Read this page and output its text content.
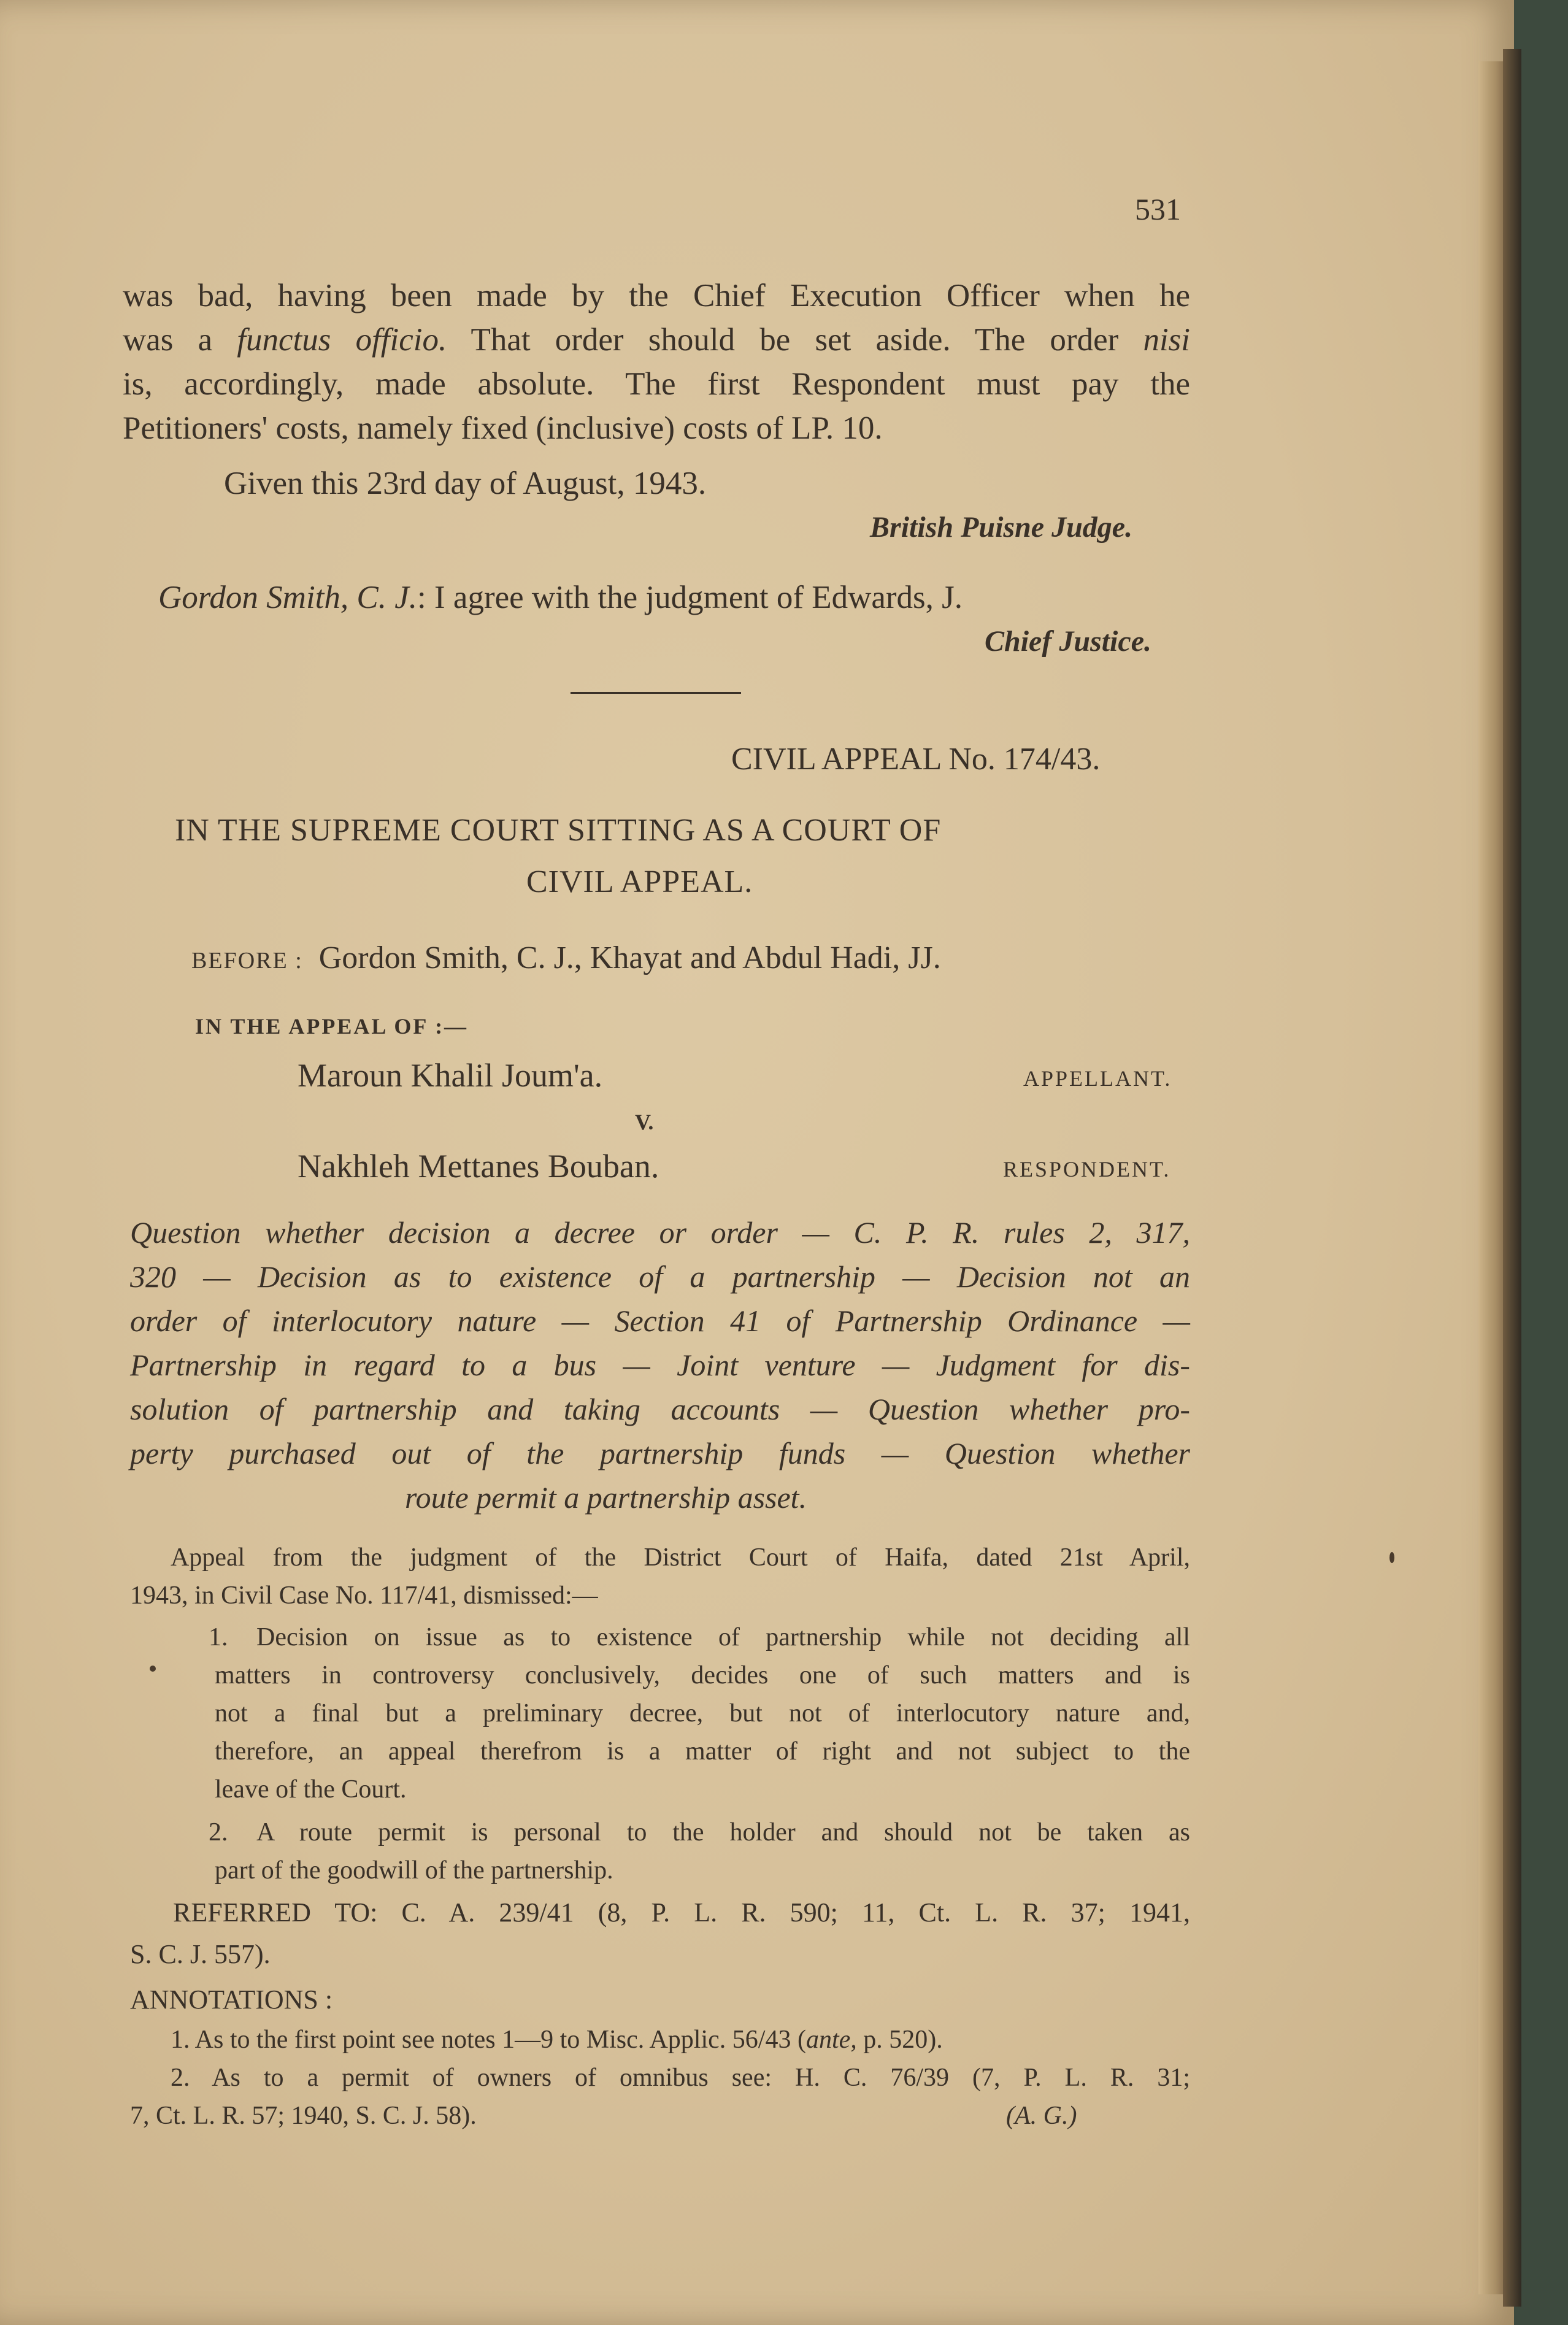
531

was bad, having been made by the Chief Execution Officer when he

was a functus officio. That order should be set aside. The order nisi

is, accordingly, made absolute. The first Respondent must pay the

Petitioners' costs, namely fixed (inclusive) costs of LP. 10.

Given this 23rd day of August, 1943.

British Puisne Judge.

Gordon Smith, C. J.: I agree with the judgment of Edwards, J.

Chief Justice.

CIVIL APPEAL No. 174/43.

IN THE SUPREME COURT SITTING AS A COURT OF

CIVIL APPEAL.

BEFORE : Gordon Smith, C. J., Khayat and Abdul Hadi, JJ.

IN THE APPEAL OF :—

Maroun Khalil Joum'a.	APPELLANT.

V.

Nakhleh Mettanes Bouban.	RESPONDENT.

Question whether decision a decree or order — C. P. R. rules 2, 317,

320 — Decision as to existence of a partnership — Decision not an

order of interlocutory nature — Section 41 of Partnership Ordinance —

Partnership in regard to a bus — Joint venture — Judgment for dis-

solution of partnership and taking accounts — Question whether pro-

perty purchased out of the partnership funds — Question whether

route permit a partnership asset.

Appeal from the judgment of the District Court of Haifa, dated 21st April,

1943, in Civil Case No. 117/41, dismissed:—

1. Decision on issue as to existence of partnership while not deciding all

matters in controversy conclusively, decides one of such matters and is

not a final but a preliminary decree, but not of interlocutory nature and,

therefore, an appeal therefrom is a matter of right and not subject to the

leave of the Court.

2. A route permit is personal to the holder and should not be taken as

part of the goodwill of the partnership.

REFERRED TO: C. A. 239/41 (8, P. L. R. 590; 11, Ct. L. R. 37; 1941,

S. C. J. 557).

ANNOTATIONS :

1. As to the first point see notes 1—9 to Misc. Applic. 56/43 (ante, p. 520).

2. As to a permit of owners of omnibus see: H. C. 76/39 (7, P. L. R. 31;

7, Ct. L. R. 57; 1940, S. C. J. 58).	(A. G.)
